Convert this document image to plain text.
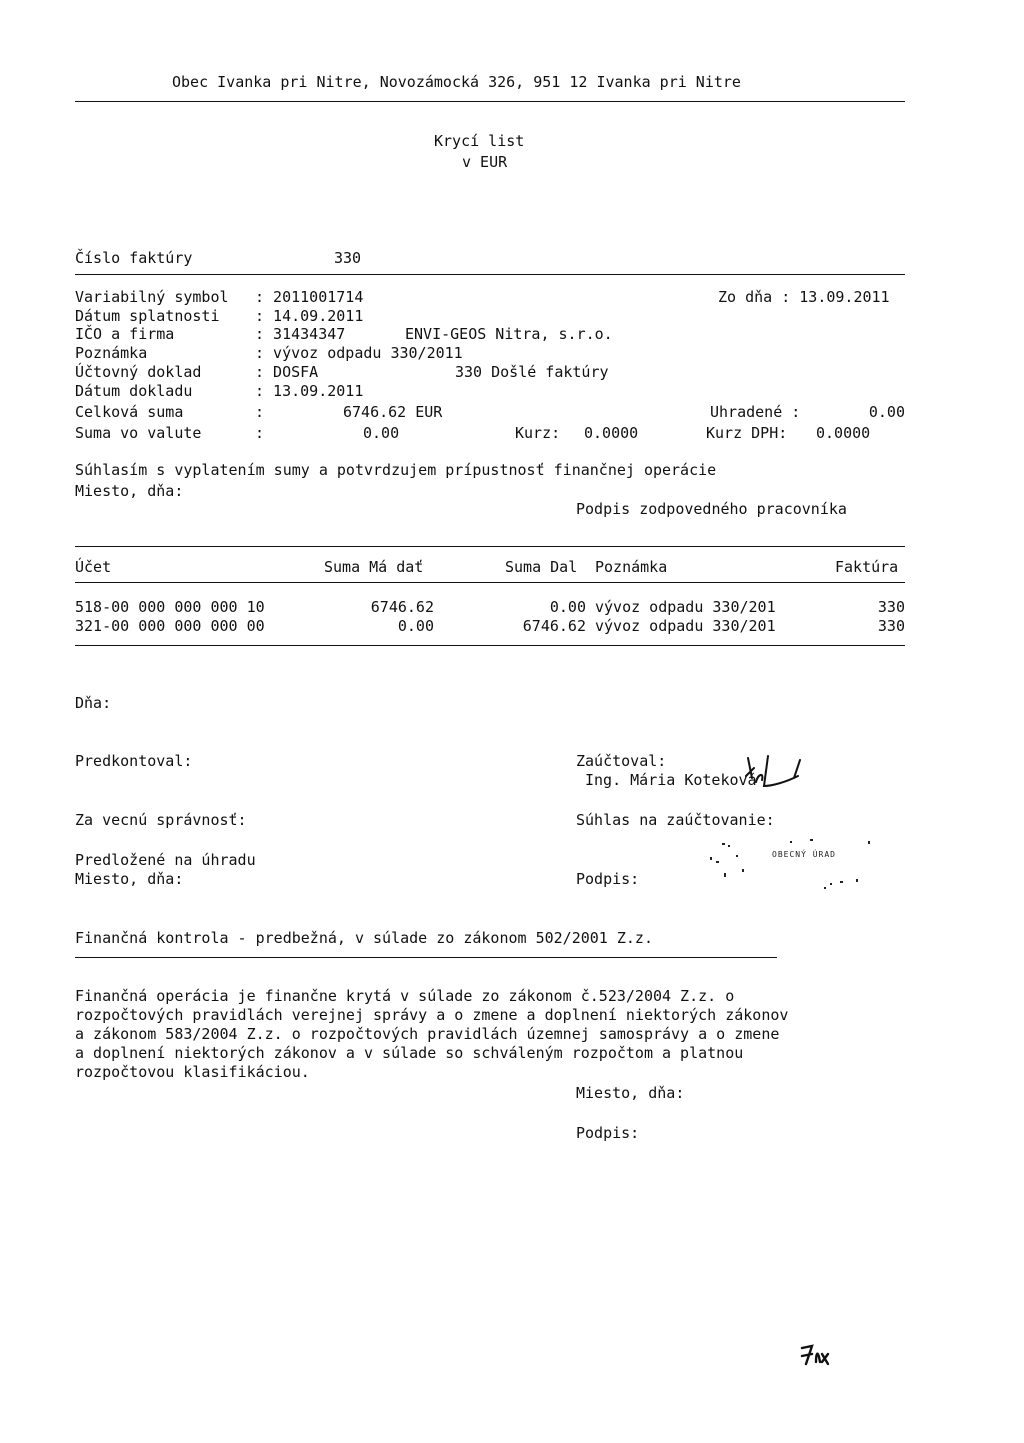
Obec Ivanka pri Nitre, Novozámocká 326, 951 12 Ivanka pri Nitre
Krycí list
v EUR
Číslo faktúry	330
Variabilný symbol : 2011001714	Zo dňa : 13.09.2011
Dátum splatnosti : 14.09.2011
IČO a firma	: 31434347	ENVI-GEOS Nitra, s.r.o.
Poznámka	: vývoz odpadu 330/2011
Účtovný doklad	: DOSFA	330 Došlé faktúry
Dátum dokladu	: 13.09.2011
Celková suma	:	6746.62 EUR	Uhradené :	0.00
Suma vo valute	:	0.00	Kurz: 0.0000	Kurz DPH: 0.0000
Súhlasím s vyplatením sumy a potvrdzujem prípustnosť finančnej operácie
Miesto, dňa:
Podpis zodpovedného pracovníka
Účet	Suma Má dať	Suma Dal Poznámka	Faktúra
518-00 000 000 000 10	6746.62	0.00 vývoz odpadu 330/201	330
321-00 000 000 000 00	0.00	6746.62 vývoz odpadu 330/201	330
Dňa:
Predkontoval:	Zaúčtoval:
Ing. Mária Koteková
Za vecnú správnosť:	Súhlas na zaúčtovanie:
Predložené na úhradu
Miesto, dňa:	Podpis:
OBECNÝ ÚRAD
Finančná kontrola - predbežná, v súlade zo zákonom 502/2001 Z.z.
Finančná operácia je finančne krytá v súlade zo zákonom č.523/2004 Z.z. o
rozpočtových pravidlách verejnej správy a o zmene a doplnení niektorých zákonov
a zákonom 583/2004 Z.z. o rozpočtových pravidlách územnej samosprávy a o zmene
a doplnení niektorých zákonov a v súlade so schváleným rozpočtom a platnou
rozpočtovou klasifikáciou.
Miesto, dňa:
Podpis:
